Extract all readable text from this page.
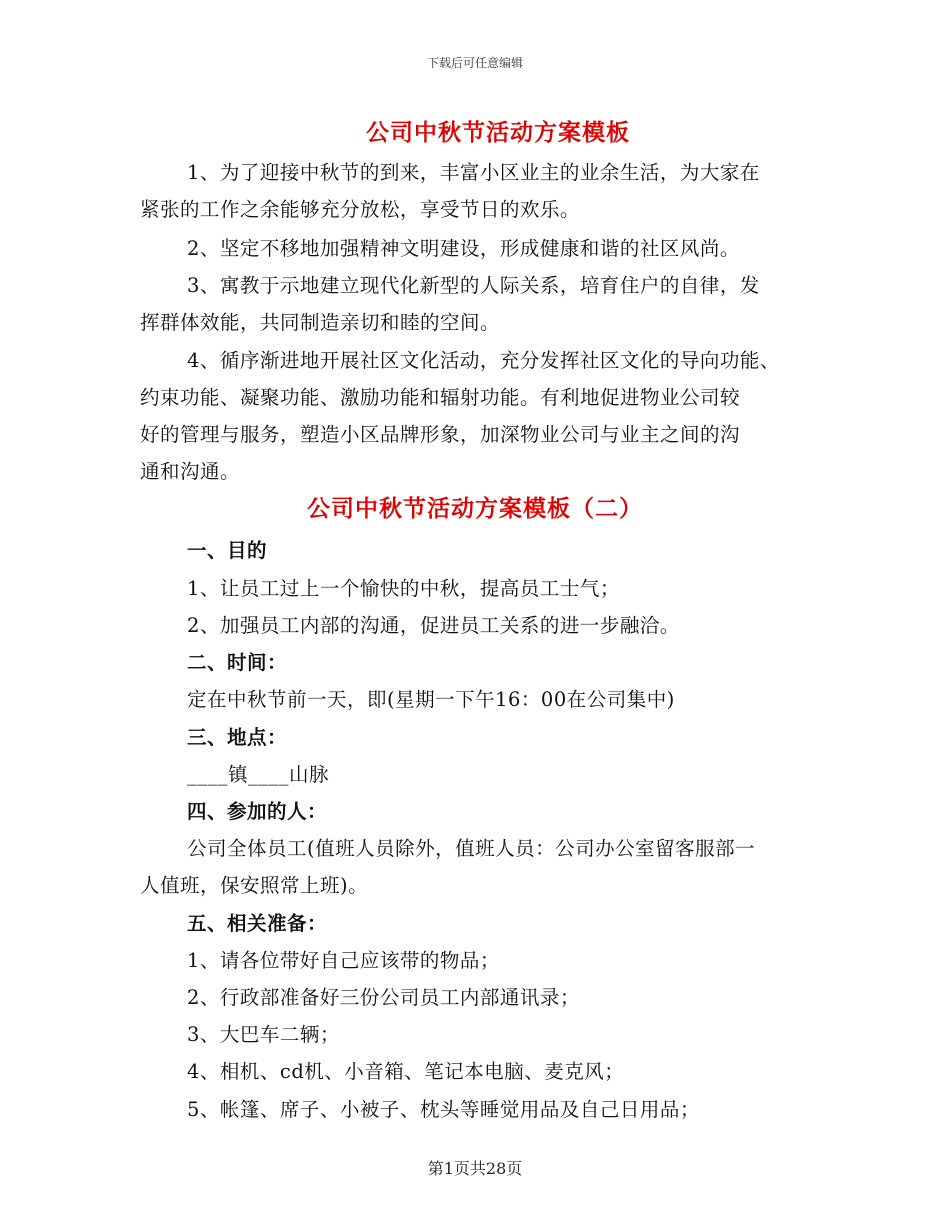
下载后可任意编辑
公司中秋节活动方案模板
1、为了迎接中秋节的到来，丰富小区业主的业余生活，为大家在
紧张的工作之余能够充分放松，享受节日的欢乐。
2、坚定不移地加强精神文明建设，形成健康和谐的社区风尚。
3、寓教于示地建立现代化新型的人际关系，培育住户的自律，发
挥群体效能，共同制造亲切和睦的空间。
4、循序渐进地开展社区文化活动，充分发挥社区文化的导向功能、
约束功能、凝聚功能、激励功能和辐射功能。有利地促进物业公司较
好的管理与服务，塑造小区品牌形象，加深物业公司与业主之间的沟
通和沟通。
公司中秋节活动方案模板（二）
一、目的
1、让员工过上一个愉快的中秋，提高员工士气；
2、加强员工内部的沟通，促进员工关系的进一步融洽。
二、时间：
定在中秋节前一天，即(星期一下午16：00在公司集中)
三、地点：
____镇____山脉
四、参加的人：
公司全体员工(值班人员除外，值班人员：公司办公室留客服部一
人值班，保安照常上班)。
五、相关准备：
1、请各位带好自己应该带的物品；
2、行政部准备好三份公司员工内部通讯录；
3、大巴车二辆；
4、相机、cd机、小音箱、笔记本电脑、麦克风；
5、帐篷、席子、小被子、枕头等睡觉用品及自己日用品；
第1页共28页
